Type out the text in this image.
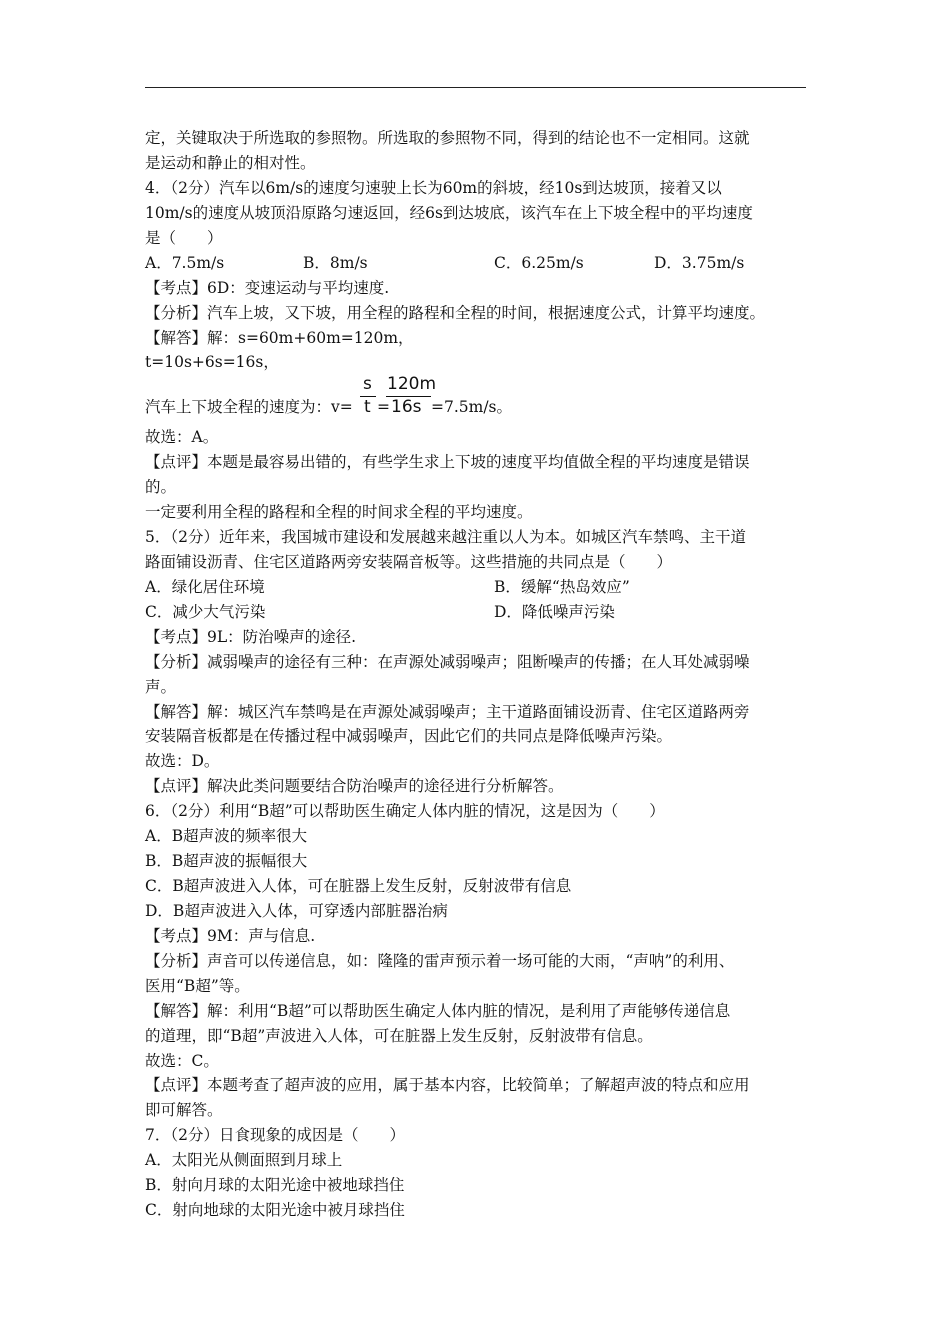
定，关键取决于所选取的参照物。所选取的参照物不同，得到的结论也不一定相同。这就
是运动和静止的相对性。
4．（2分）汽车以6m/s的速度匀速驶上长为60m的斜坡，经10s到达坡顶，接着又以
10m/s的速度从坡顶沿原路匀速返回，经6s到达坡底，该汽车在上下坡全程中的平均速度
是（　　）
A．7.5m/s	B．8m/s	C．6.25m/s	D．3.75m/s
【考点】6D：变速运动与平均速度.
【分析】汽车上坡，又下坡，用全程的路程和全程的时间，根据速度公式，计算平均速度。
【解答】解：s=60m+60m=120m，
t=10s+6s=16s，
汽车上下坡全程的速度为：v=
s
t =
120m
16s =7.5m/s。
故选：A。
【点评】本题是最容易出错的，有些学生求上下坡的速度平均值做全程的平均速度是错误
的。
一定要利用全程的路程和全程的时间求全程的平均速度。
5．（2分）近年来，我国城市建设和发展越来越注重以人为本。如城区汽车禁鸣、主干道
路面铺设沥青、住宅区道路两旁安装隔音板等。这些措施的共同点是（　　）
A．绿化居住环境	B．缓解“热岛效应”
C．减少大气污染	D．降低噪声污染
【考点】9L：防治噪声的途径.
【分析】减弱噪声的途径有三种：在声源处减弱噪声；阻断噪声的传播；在人耳处减弱噪
声。
【解答】解：城区汽车禁鸣是在声源处减弱噪声；主干道路面铺设沥青、住宅区道路两旁
安装隔音板都是在传播过程中减弱噪声，因此它们的共同点是降低噪声污染。
故选：D。
【点评】解决此类问题要结合防治噪声的途径进行分析解答。
6．（2分）利用“B超”可以帮助医生确定人体内脏的情况，这是因为（　　）
A．B超声波的频率很大
B．B超声波的振幅很大
C．B超声波进入人体，可在脏器上发生反射，反射波带有信息
D．B超声波进入人体，可穿透内部脏器治病
【考点】9M：声与信息.
【分析】声音可以传递信息，如：隆隆的雷声预示着一场可能的大雨，“声呐”的利用、
医用“B超”等。
【解答】解：利用“B超”可以帮助医生确定人体内脏的情况，是利用了声能够传递信息
的道理，即“B超”声波进入人体，可在脏器上发生反射，反射波带有信息。
故选：C。
【点评】本题考查了超声波的应用，属于基本内容，比较简单；了解超声波的特点和应用
即可解答。
7．（2分）日食现象的成因是（　　）
A．太阳光从侧面照到月球上
B．射向月球的太阳光途中被地球挡住
C．射向地球的太阳光途中被月球挡住
